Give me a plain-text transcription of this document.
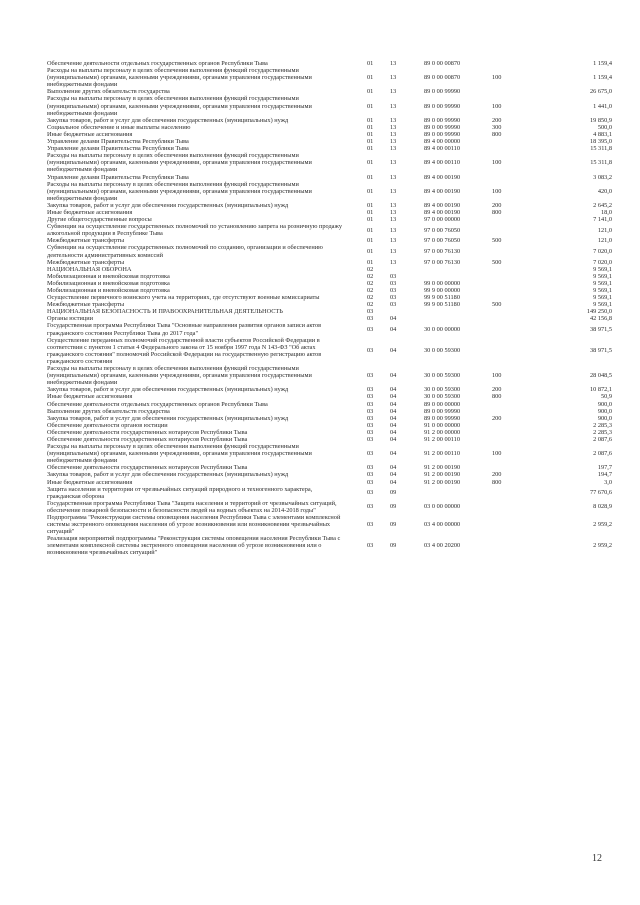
Обеспечение деятельности отдельных государственных органов Республики Тыва	01	13	89 0 00 00870	1 159,4
Расходы на выплаты персоналу в целях обеспечения выполнения функций государственными (муниципальными) органами, казенными учреждениями, органами управления государственными внебюджетными фондами
01	13	89 0 00 00870	100	1 159,4
Выполнение других обязательств государства	01	13	89 0 00 99990	26 675,0
Расходы на выплаты персоналу в целях обеспечения выполнения функций государственными (муниципальными) органами, казенными учреждениями, органами управления государственными внебюджетными фондами
01	13	89 0 00 99990	100	1 441,0
Закупка товаров, работ и услуг для обеспечения государственных (муниципальных) нужд	01	13	89 0 00 99990	200	19 850,9
Социальное обеспечение и иные выплаты населению	01	13	89 0 00 99990	300	500,0
Иные бюджетные ассигнования	01	13	89 0 00 99990	800	4 883,1
Управление делами Правительства Республики Тыва	01	13	89 4 00 00000	18 395,0
Управление делами Правительства Республики Тыва	01	13	89 4 00 00110	15 311,8
Расходы на выплаты персоналу в целях обеспечения выполнения функций государственными (муниципальными) органами, казенными учреждениями, органами управления государственными внебюджетными фондами
01	13	89 4 00 00110	100	15 311,8
Управление делами Правительства Республики Тыва	01	13	89 4 00 00190	3 083,2
Расходы на выплаты персоналу в целях обеспечения выполнения функций государственными (муниципальными) органами, казенными учреждениями, органами управления государственными внебюджетными фондами
01	13	89 4 00 00190	100	420,0
Закупка товаров, работ и услуг для обеспечения государственных (муниципальных) нужд	01	13	89 4 00 00190	200	2 645,2
Иные бюджетные ассигнования	01	13	89 4 00 00190	800	18,0
Другие общегосударственные вопросы	01	13	97 0 00 00000	7 141,0
Субвенции на осуществление государственных полномочий по установлению запрета на розничную продажу алкогольной продукции в Республике Тыва
01	13	97 0 00 76050	121,0
Межбюджетные трансферты	01	13	97 0 00 76050	500	121,0
Субвенции на осуществление государственных полномочий по созданию, организации и обеспечению деятельности административных комиссий
01	13	97 0 00 76130	7 020,0
Межбюджетные трансферты	01	13	97 0 00 76130	500	7 020,0
НАЦИОНАЛЬНАЯ ОБОРОНА	02	9 569,1
Мобилизационная и вневойсковая подготовка	02	03	9 569,1
Мобилизационная и вневойсковая подготовка	02	03	99 0 00 00000	9 569,1
Мобилизационная и вневойсковая подготовка	02	03	99 9 00 00000	9 569,1
Осуществление первичного воинского учета на территориях, где отсутствуют военные комиссариаты	02	03	99 9 00 51180	9 569,1
Межбюджетные трансферты	02	03	99 9 00 51180	500	9 569,1
НАЦИОНАЛЬНАЯ БЕЗОПАСНОСТЬ И ПРАВООХРАНИТЕЛЬНАЯ ДЕЯТЕЛЬНОСТЬ	03	149 250,0
Органы юстиции	03	04	42 156,8
Государственная программа Республики Тыва "Основные направления развития органов записи актов гражданского состояния Республики Тыва до 2017 года"
03	04	30 0 00 00000	38 971,5
Осуществление переданных полномочий государственной власти субъектов Российской Федерации в соответствии с пунктом 1 статьи 4 Федерального закона от 15 ноября 1997 года N 143-ФЗ "Об актах гражданского состояния" полномочий Российской Федерации на государственную регистрацию актов гражданского состояния
03	04	30 0 00 59300	38 971,5
Расходы на выплаты персоналу в целях обеспечения выполнения функций государственными (муниципальными) органами, казенными учреждениями, органами управления государственными внебюджетными фондами
03	04	30 0 00 59300	100	28 048,5
Закупка товаров, работ и услуг для обеспечения государственных (муниципальных) нужд	03	04	30 0 00 59300	200	10 872,1
Иные бюджетные ассигнования	03	04	30 0 00 59300	800	50,9
Обеспечение деятельности отдельных государственных органов Республики Тыва	03	04	89 0 00 00000	900,0
Выполнение других обязательств государства	03	04	89 0 00 99990	900,0
Закупка товаров, работ и услуг для обеспечения государственных (муниципальных) нужд	03	04	89 0 00 99990	200	900,0
Обеспечение деятельности органов юстиции	03	04	91 0 00 00000	2 285,3
Обеспечение деятельности государственных нотариусов Республики Тыва	03	04	91 2 00 00000	2 285,3
Обеспечение деятельности государственных нотариусов Республики Тыва	03	04	91 2 00 00110	2 087,6
Расходы на выплаты персоналу в целях обеспечения выполнения функций государственными (муниципальными) органами, казенными учреждениями, органами управления государственными внебюджетными фондами
03	04	91 2 00 00110	100	2 087,6
Обеспечение деятельности государственных нотариусов Республики Тыва	03	04	91 2 00 00190	197,7
Закупка товаров, работ и услуг для обеспечения государственных (муниципальных) нужд	03	04	91 2 00 00190	200	194,7
Иные бюджетные ассигнования	03	04	91 2 00 00190	800	3,0
Защита населения и территории от чрезвычайных ситуаций природного и техногенного характера, гражданская оборона
03	09	77 670,6
Государственная программа Республики Тыва "Защита населения и территорий от чрезвычайных ситуаций, обеспечение пожарной безопасности и безопасности людей на водных объектах на 2014-2018 годы"
03	09	03 0 00 00000	8 028,9
Подпрограмма "Реконструкция системы оповещения населения Республики Тыва с элементами комплексной системы экстренного оповещения населения об угрозе возникновения или возникновении чрезвычайных ситуаций"
03	09	03 4 00 00000	2 959,2
Реализация мероприятий подпрограммы "Реконструкция системы оповещения населения Республики Тыва с элементами комплексной системы экстренного оповещения населения об угрозе возникновения или о возникновении чрезвычайных ситуаций"
03	09	03 4 00 20200	2 959,2
12
